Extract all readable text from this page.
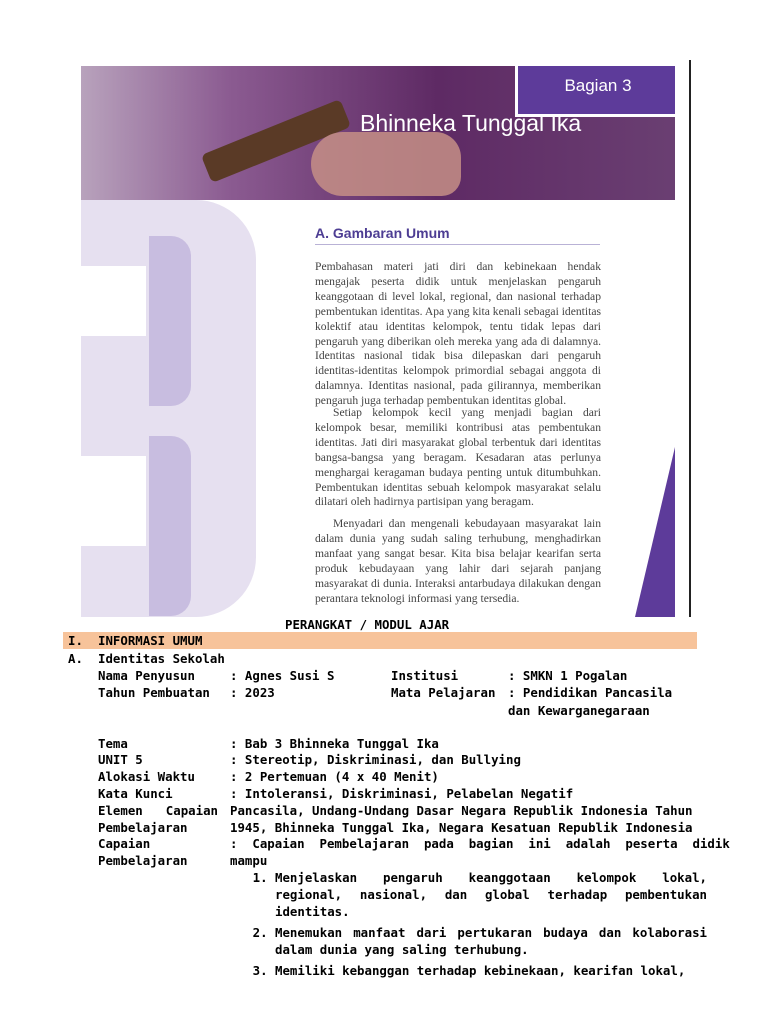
Bagian 3
Bhinneka Tunggal Ika
A. Gambaran Umum

Pembahasan materi jati diri dan kebinekaan hendak mengajak peserta didik untuk menjelaskan pengaruh keanggotaan di level lokal, regional, dan nasional terhadap pembentukan identitas. Apa yang kita kenali sebagai identitas kolektif atau identitas kelompok, tentu tidak lepas dari pengaruh yang diberikan oleh mereka yang ada di dalamnya. Identitas nasional tidak bisa dilepaskan dari pengaruh identitas-identitas kelompok primordial sebagai anggota di dalamnya. Identitas nasional, pada gilirannya, memberikan pengaruh juga terhadap pembentukan identitas global.

Setiap kelompok kecil yang menjadi bagian dari kelompok besar, memiliki kontribusi atas pembentukan identitas. Jati diri masyarakat global terbentuk dari identitas bangsa-bangsa yang beragam. Kesadaran atas perlunya menghargai keragaman budaya penting untuk ditumbuhkan. Pembentukan identitas sebuah kelompok masyarakat selalu dilatari oleh hadirnya partisipan yang beragam.

Menyadari dan mengenali kebudayaan masyarakat lain dalam dunia yang sudah saling terhubung, menghadirkan manfaat yang sangat besar. Kita bisa belajar kearifan serta produk kebudayaan yang lahir dari sejarah panjang masyarakat di dunia. Interaksi antarbudaya dilakukan dengan perantara teknologi informasi yang tersedia.

PERANGKAT / MODUL AJAR
I. INFORMASI UMUM
A. Identitas Sekolah
Nama Penyusun	: Agnes Susi S	Institusi	: SMKN 1 Pogalan
Tahun Pembuatan : 2023	Mata Pelajaran : Pendidikan Pancasila
dan Kewarganegaraan
Tema	: Bab 3 Bhinneka Tunggal Ika
UNIT 5	: Stereotip, Diskriminasi, dan Bullying
Alokasi Waktu	: 2 Pertemuan (4 x 40 Menit)
Kata Kunci	: Intoleransi, Diskriminasi, Pelabelan Negatif
Elemen Capaian Pancasila, Undang-Undang Dasar Negara Republik Indonesia Tahun
Pembelajaran	1945, Bhinneka Tunggal Ika, Negara Kesatuan Republik Indonesia
Capaian	:  Capaian  Pembelajaran  pada  bagian  ini  adalah  peserta  didik
Pembelajaran	mampu
1. Menjelaskan pengaruh keanggotaan kelompok lokal, regional, nasional, dan global terhadap pembentukan identitas.
2. Menemukan manfaat dari pertukaran budaya dan kolaborasi dalam dunia yang saling terhubung.
3. Memiliki kebanggan terhadap kebinekaan, kearifan lokal,
